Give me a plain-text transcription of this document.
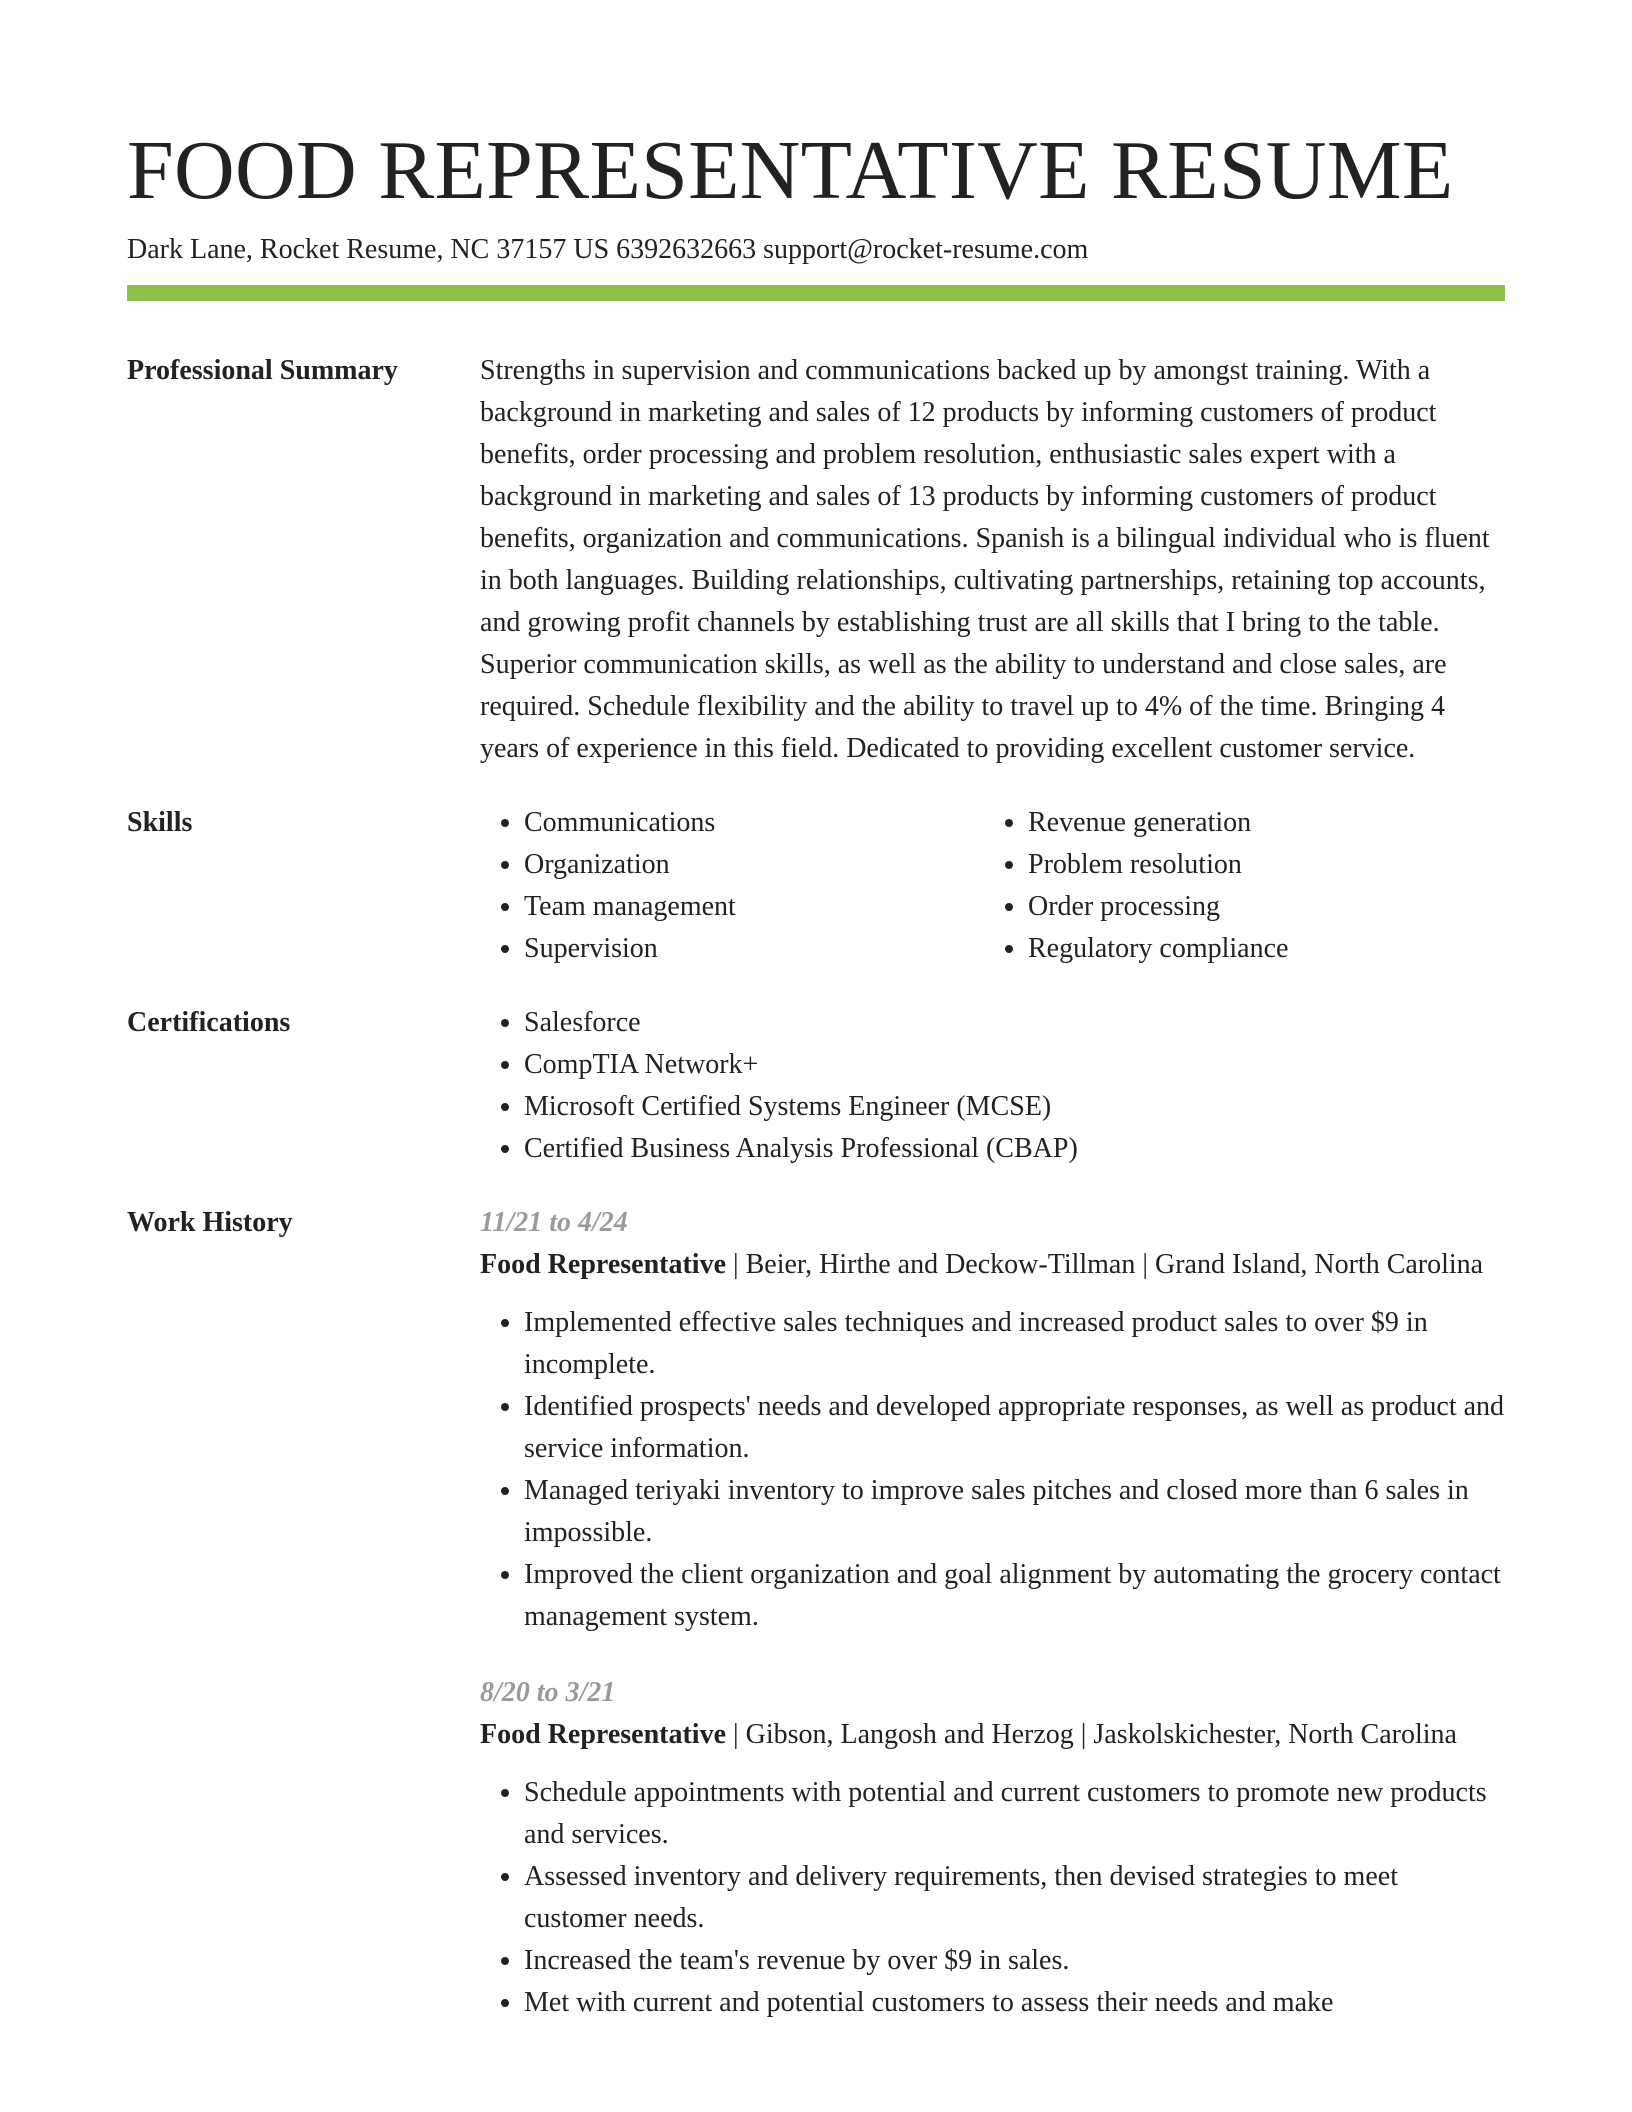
FOOD REPRESENTATIVE RESUME
Dark Lane, Rocket Resume, NC 37157 US 6392632663 support@rocket-resume.com
Professional Summary	Strengths in supervision and communications backed up by amongst training. With a background in marketing and sales of 12 products by informing customers of product benefits, order processing and problem resolution, enthusiastic sales expert with a background in marketing and sales of 13 products by informing customers of product benefits, organization and communications. Spanish is a bilingual individual who is fluent in both languages. Building relationships, cultivating partnerships, retaining top accounts, and growing profit channels by establishing trust are all skills that I bring to the table. Superior communication skills, as well as the ability to understand and close sales, are required. Schedule flexibility and the ability to travel up to 4% of the time. Bringing 4 years of experience in this field. Dedicated to providing excellent customer service.

Skills	• Communications
• Organization
• Team management
• Supervision
• Revenue generation
• Problem resolution
• Order processing
• Regulatory compliance
Certifications	• Salesforce
• CompTIA Network+
• Microsoft Certified Systems Engineer (MCSE)
• Certified Business Analysis Professional (CBAP)
Work History	11/21 to 4/24
Food Representative | Beier, Hirthe and Deckow-Tillman | Grand Island, North Carolina
• Implemented effective sales techniques and increased product sales to over $9 in incomplete.
• Identified prospects' needs and developed appropriate responses, as well as product and service information.
• Managed teriyaki inventory to improve sales pitches and closed more than 6 sales in impossible.
• Improved the client organization and goal alignment by automating the grocery contact management system.
8/20 to 3/21
Food Representative | Gibson, Langosh and Herzog | Jaskolskichester, North Carolina
• Schedule appointments with potential and current customers to promote new products and services.
• Assessed inventory and delivery requirements, then devised strategies to meet customer needs.
• Increased the team's revenue by over $9 in sales.
• Met with current and potential customers to assess their needs and make
